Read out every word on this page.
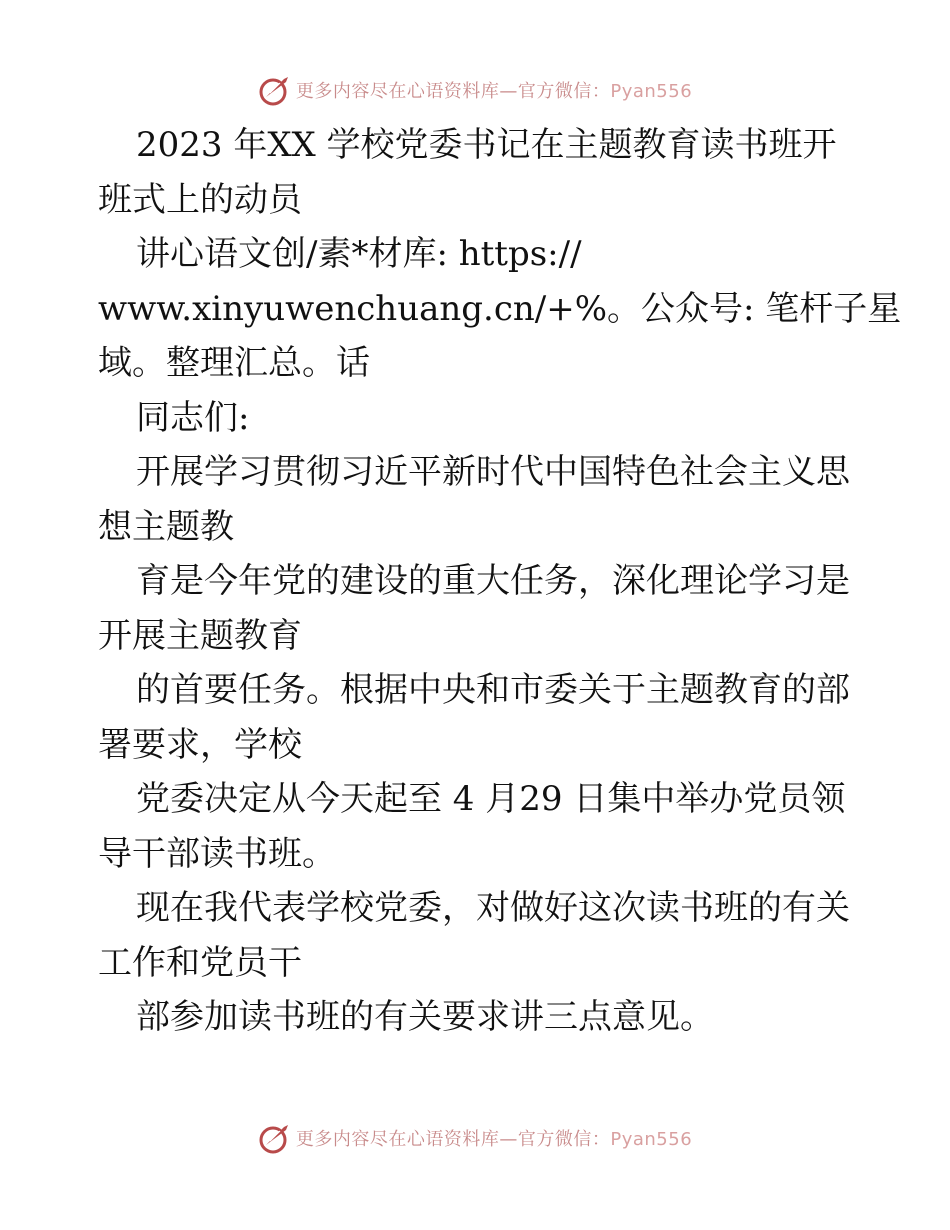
更多内容尽在心语资料库—官方微信：Pyan556
2023 年XX 学校党委书记在主题教育读书班开
班式上的动员
讲心语文创/素*材库: https://
www.xinyuwenchuang.cn/+%。公众号: 笔杆子星
域。整理汇总。话
同志们:
开展学习贯彻习近平新时代中国特色社会主义思
想主题教
育是今年党的建设的重大任务，深化理论学习是
开展主题教育
的首要任务。根据中央和市委关于主题教育的部
署要求，学校
党委决定从今天起至 4 月29 日集中举办党员领
导干部读书班。
现在我代表学校党委，对做好这次读书班的有关
工作和党员干
部参加读书班的有关要求讲三点意见。
更多内容尽在心语资料库—官方微信：Pyan556
